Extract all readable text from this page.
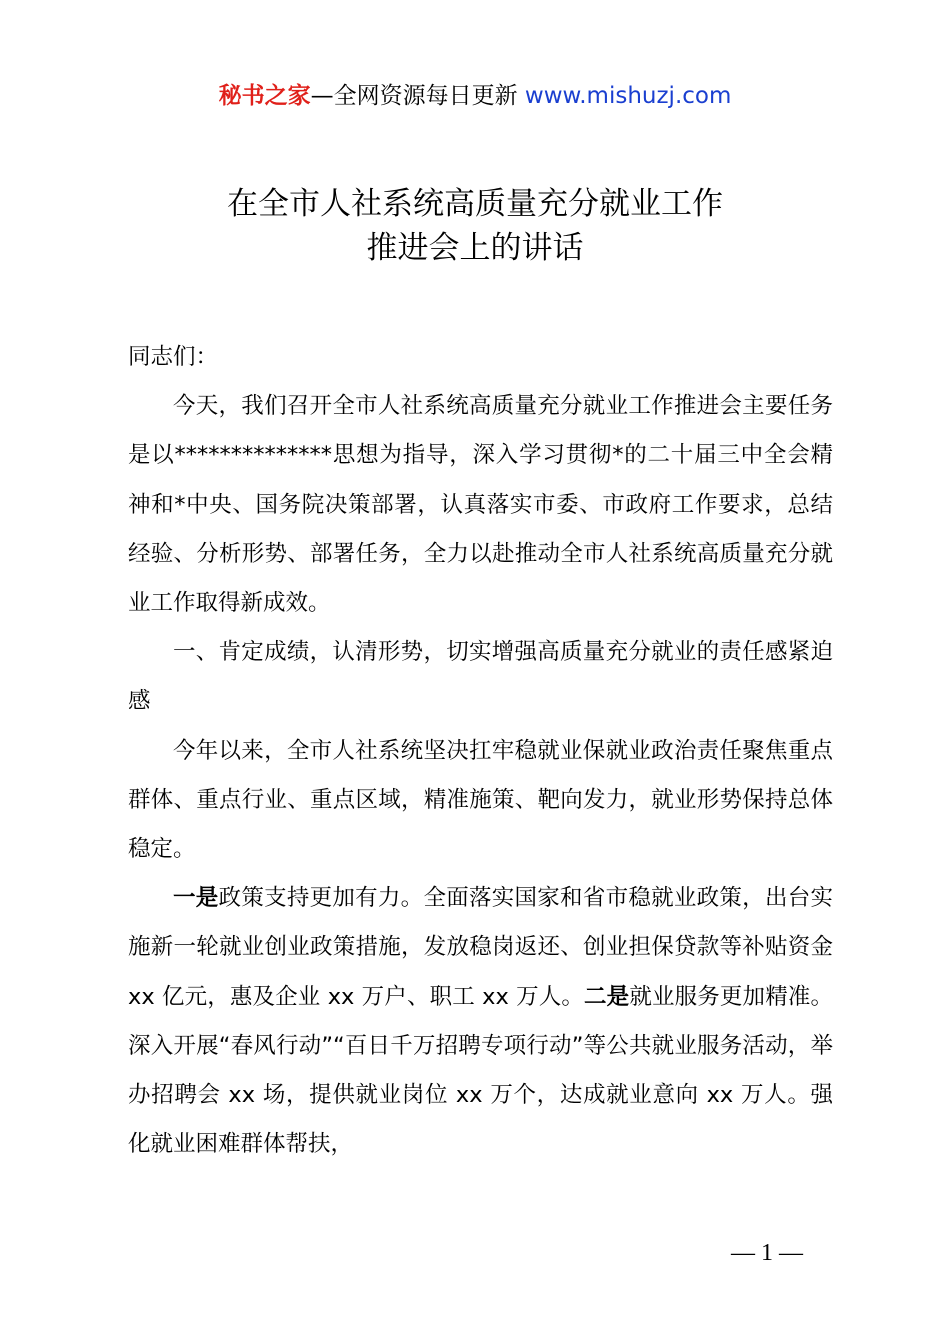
秘书之家—全网资源每日更新 www.mishuzj.com
在全市人社系统高质量充分就业工作
推进会上的讲话

同志们：

今天，我们召开全市人社系统高质量充分就业工作推进会主要任务是以**************思想为指导，深入学习贯彻*的二十届三中全会精神和*中央、国务院决策部署，认真落实市委、市政府工作要求，总结经验、分析形势、部署任务，全力以赴推动全市人社系统高质量充分就业工作取得新成效。

一、肯定成绩，认清形势，切实增强高质量充分就业的责任感紧迫感

今年以来，全市人社系统坚决扛牢稳就业保就业政治责任聚焦重点群体、重点行业、重点区域，精准施策、靶向发力，就业形势保持总体稳定。

一是政策支持更加有力。全面落实国家和省市稳就业政策，出台实施新一轮就业创业政策措施，发放稳岗返还、创业担保贷款等补贴资金 xx 亿元，惠及企业 xx 万户、职工 xx 万人。二是就业服务更加精准。深入开展“春风行动”“百日千万招聘专项行动”等公共就业服务活动，举办招聘会 xx 场，提供就业岗位 xx 万个，达成就业意向 xx 万人。强化就业困难群体帮扶，

— 1 —
